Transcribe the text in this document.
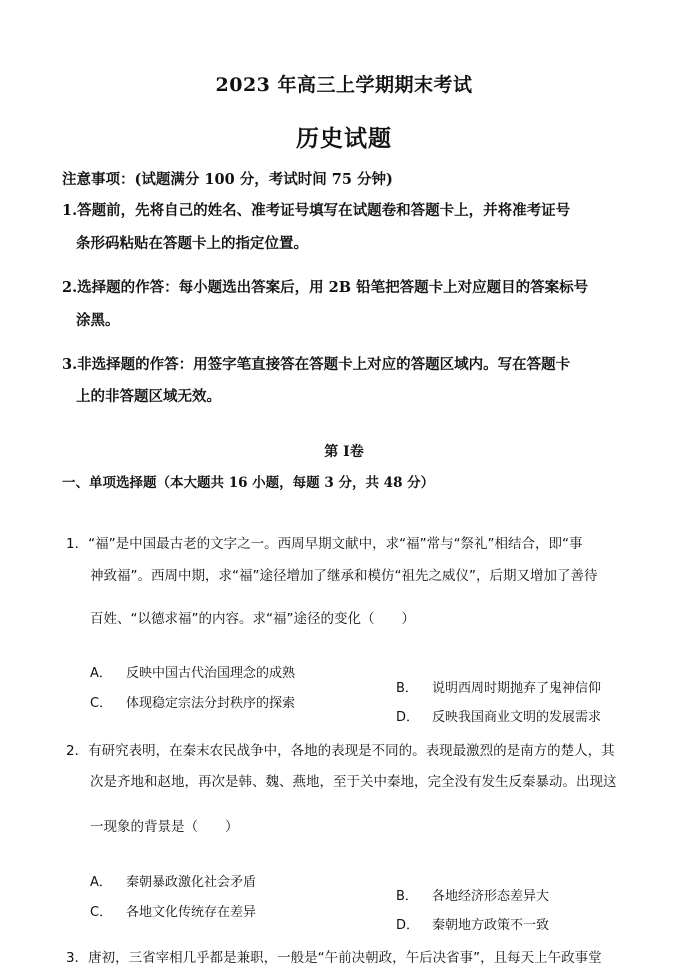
2023 年高三上学期期末考试
历史试题
注意事项：(试题满分 100 分，考试时间 75 分钟)
1.答题前，先将自己的姓名、准考证号填写在试题卷和答题卡上，并将准考证号
条形码粘贴在答题卡上的指定位置。
2.选择题的作答：每小题选出答案后，用 2B 铅笔把答题卡上对应题目的答案标号
涂黑。
3.非选择题的作答：用签字笔直接答在答题卡上对应的答题区域内。写在答题卡
上的非答题区域无效。
第 I卷
一、单项选择题（本大题共 16 小题，每题 3 分，共 48 分）
1．“福”是中国最古老的文字之一。西周早期文献中，求“福”常与“祭礼”相结合，即“事
神致福”。西周中期，求“福”途径增加了继承和模仿“祖先之威仪”，后期又增加了善待
百姓、“以德求福”的内容。求“福”途径的变化（　　）
A． 反映中国古代治国理念的成熟
B． 说明西周时期抛弃了鬼神信仰
C． 体现稳定宗法分封秩序的探索
D． 反映我国商业文明的发展需求
2．有研究表明，在秦末农民战争中，各地的表现是不同的。表现最激烈的是南方的楚人，其
次是齐地和赵地，再次是韩、魏、燕地，至于关中秦地，完全没有发生反秦暴动。出现这
一现象的背景是（　　）
A． 秦朝暴政激化社会矛盾
B． 各地经济形态差异大
C． 各地文化传统存在差异
D． 秦朝地方政策不一致
3．唐初，三省宰相几乎都是兼职，一般是“午前决朝政，午后决省事”，且每天上午政事堂
